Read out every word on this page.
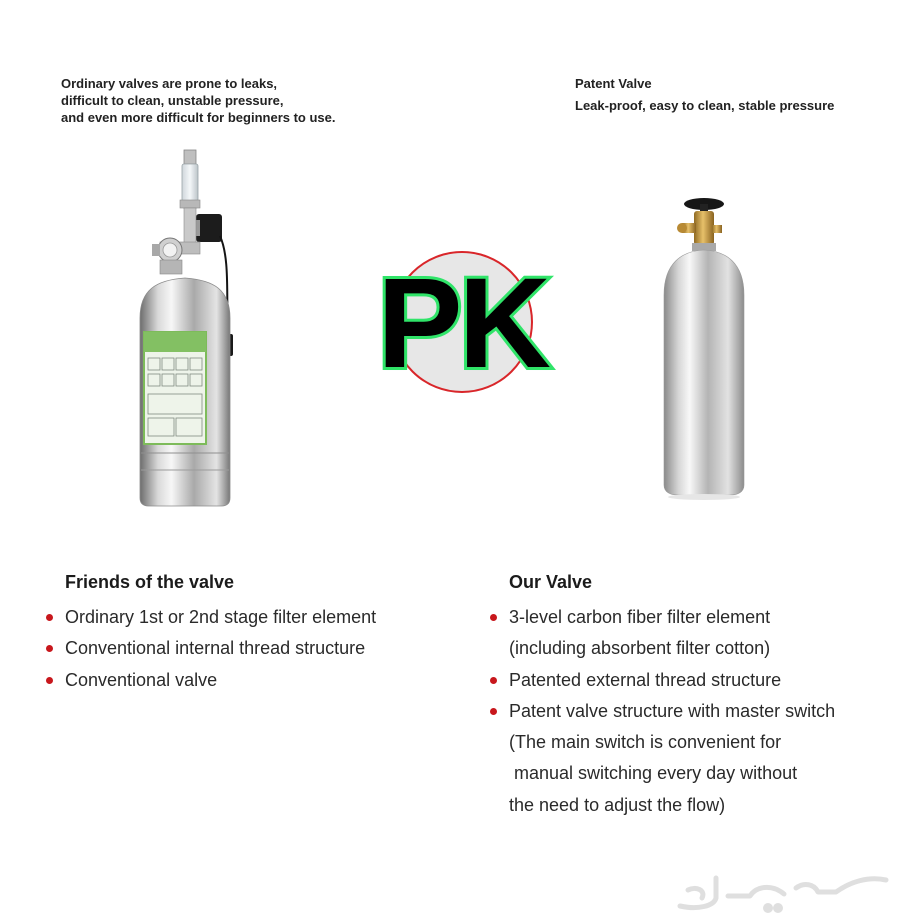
Ordinary valves are prone to leaks,
difficult to clean, unstable pressure,
and even more difficult for beginners to use.
Patent Valve
Leak-proof, easy to clean, stable pressure
PK
Friends of the valve
Ordinary 1st or 2nd stage filter element
Conventional internal thread structure
Conventional valve
Our Valve
3-level carbon fiber filter element
(including absorbent filter cotton)
Patented external thread structure
Patent valve structure with master switch
(The main switch is convenient for
manual switching every day without
the need to adjust the flow)
